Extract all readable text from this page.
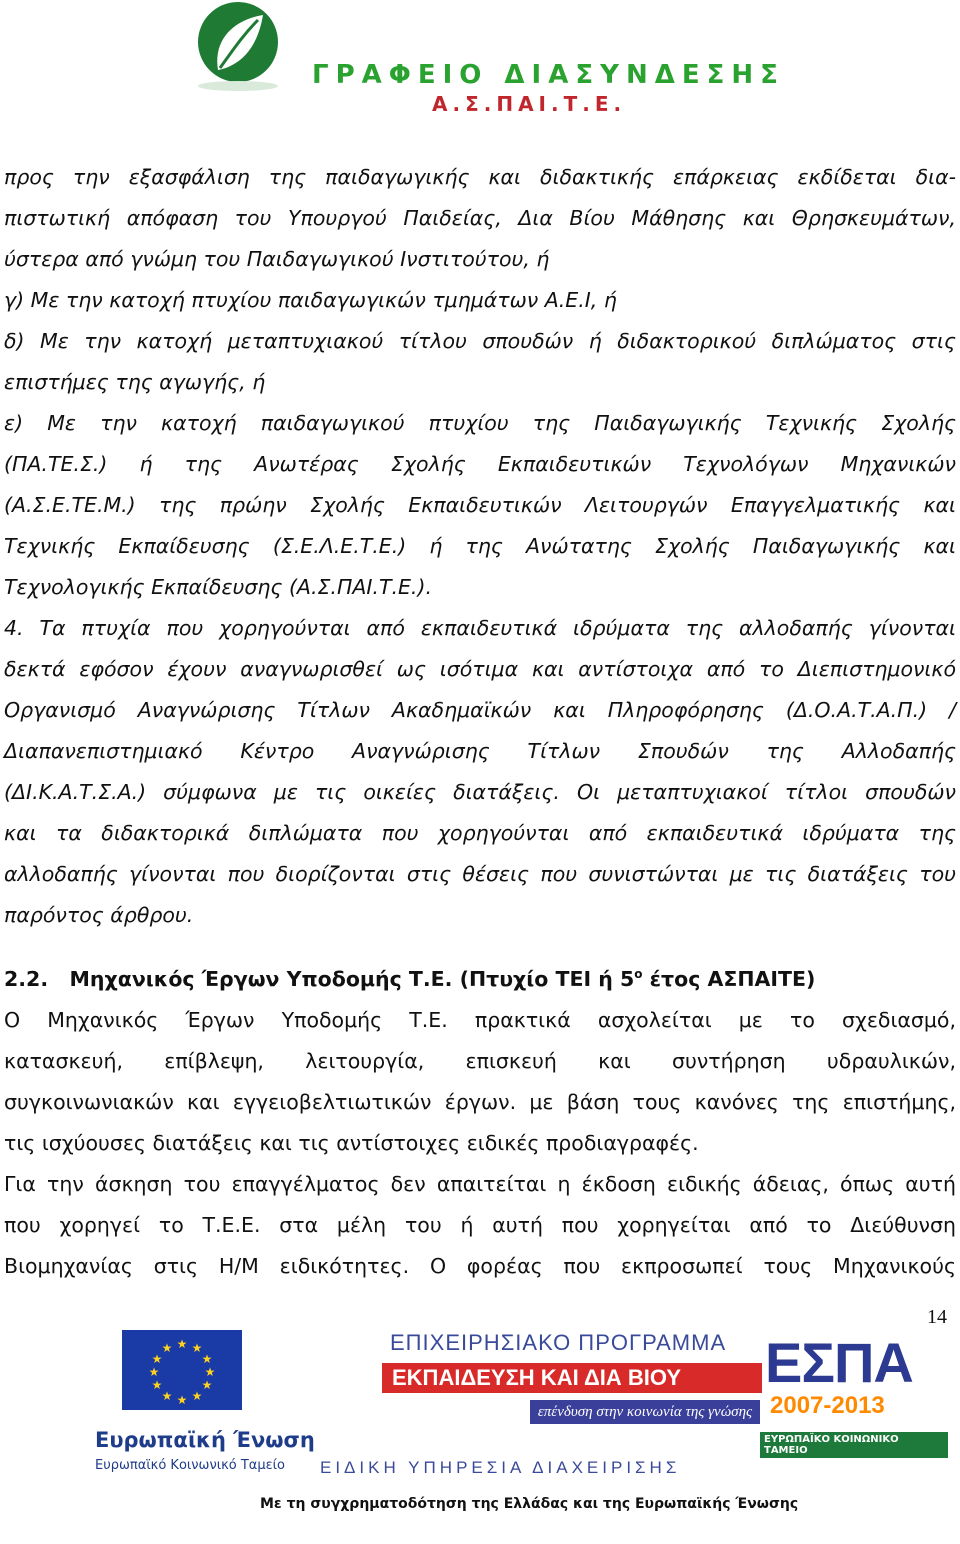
ΓΡΑΦΕΙΟ ΔΙΑΣΥΝΔΕΣΗΣ
Α.Σ.ΠΑΙ.Τ.Ε.

προς την εξασφάλιση της παιδαγωγικής και διδακτικής επάρκειας εκδίδεται δια-

πιστωτική απόφαση του Υπουργού Παιδείας, Δια Βίου Μάθησης και Θρησκευμάτων,

ύστερα από γνώμη του Παιδαγωγικού Ινστιτούτου, ή

γ) Με την κατοχή πτυχίου παιδαγωγικών τμημάτων Α.Ε.Ι, ή

δ) Με την κατοχή μεταπτυχιακού τίτλου σπουδών ή διδακτορικού διπλώματος στις

επιστήμες της αγωγής, ή

ε) Με την κατοχή παιδαγωγικού πτυχίου της Παιδαγωγικής Τεχνικής Σχολής

(ΠΑ.ΤΕ.Σ.) ή της Ανωτέρας Σχολής Εκπαιδευτικών Τεχνολόγων Μηχανικών

(Α.Σ.Ε.ΤΕ.Μ.) της πρώην Σχολής Εκπαιδευτικών Λειτουργών Επαγγελματικής και

Τεχνικής Εκπαίδευσης (Σ.Ε.Λ.Ε.Τ.Ε.) ή της Ανώτατης Σχολής Παιδαγωγικής και

Τεχνολογικής Εκπαίδευσης (Α.Σ.ΠΑΙ.Τ.Ε.).

4. Τα πτυχία που χορηγούνται από εκπαιδευτικά ιδρύματα της αλλοδαπής γίνονται

δεκτά εφόσον έχουν αναγνωρισθεί ως ισότιμα και αντίστοιχα από το Διεπιστημονικό

Οργανισμό Αναγνώρισης Τίτλων Ακαδημαϊκών και Πληροφόρησης (Δ.Ο.Α.Τ.Α.Π.) /

Διαπανεπιστημιακό Κέντρο Αναγνώρισης Τίτλων Σπουδών της Αλλοδαπής

(ΔΙ.Κ.Α.Τ.Σ.Α.) σύμφωνα με τις οικείες διατάξεις. Οι μεταπτυχιακοί τίτλοι σπουδών

και τα διδακτορικά διπλώματα που χορηγούνται από εκπαιδευτικά ιδρύματα της

αλλοδαπής γίνονται που διορίζονται στις θέσεις που συνιστώνται με τις διατάξεις του

παρόντος άρθρου.

2.2. Μηχανικός Έργων Υποδομής Τ.Ε. (Πτυχίο ΤΕΙ ή $5^o$ έτος ΑΣΠΑΙΤΕ)

Ο Μηχανικός Έργων Υποδομής Τ.Ε. πρακτικά ασχολείται με το σχεδιασμό,

κατασκευή, επίβλεψη, λειτουργία, επισκευή και συντήρηση υδραυλικών,

συγκοινωνιακών και εγγειοβελτιωτικών έργων. με βάση τους κανόνες της επιστήμης,

τις ισχύουσες διατάξεις και τις αντίστοιχες ειδικές προδιαγραφές.

Για την άσκηση του επαγγέλματος δεν απαιτείται η έκδοση ειδικής άδειας, όπως αυτή

που χορηγεί το Τ.Ε.Ε. στα μέλη του ή αυτή που χορηγείται από το Διεύθυνση

Βιομηχανίας στις Η/Μ ειδικότητες. Ο φορέας που εκπροσωπεί τους Μηχανικούς

14
★ ★
★
★
★
★
★
★
★
★
★
★
Ευρωπαϊκή Ένωση
Ευρωπαϊκό Κοινωνικό Ταμείο
ΕΠΙΧΕΙΡΗΣΙΑΚΟ ΠΡΟΓΡΑΜΜΑ
ΕΚΠΑΙΔΕΥΣΗ ΚΑΙ ΔΙΑ ΒΙΟΥ ΜΑΘΗΣΗ	επένδυση στην κοινωνία της γνώσης
ΕΙΔΙΚΗ ΥΠΗΡΕΣΙΑ ΔΙΑΧΕΙΡΙΣΗΣ
ΕΣΠΑ
2007-2013
ΕΥΡΩΠΑΪΚΟ ΚΟΙΝΩΝΙΚΟ ΤΑΜΕΙΟ
Με τη συγχρηματοδότηση της Ελλάδας και της Ευρωπαϊκής Ένωσης
